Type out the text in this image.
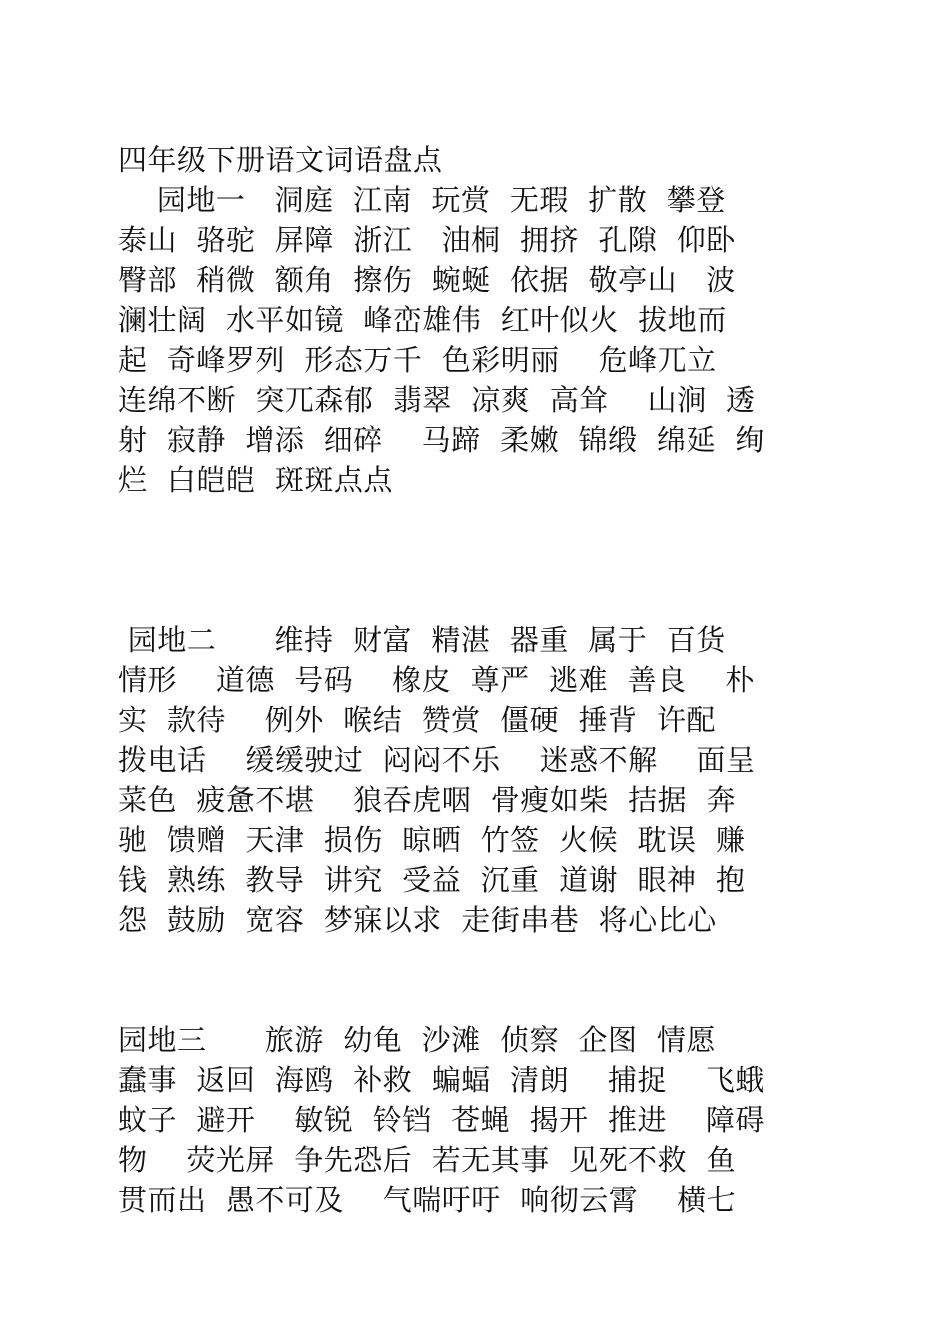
四年级下册语文词语盘点

园地一   洞庭  江南  玩赏  无瑕  扩散  攀登

泰山  骆驼  屏障  浙江   油桐  拥挤  孔隙  仰卧

臀部  稍微  额角  擦伤  蜿蜒  依据  敬亭山   波

澜壮阔  水平如镜  峰峦雄伟  红叶似火  拔地而

起  奇峰罗列  形态万千  色彩明丽    危峰兀立

连绵不断  突兀森郁  翡翠  凉爽  高耸    山涧  透

射  寂静  增添  细碎    马蹄  柔嫩  锦缎  绵延  绚

烂  白皑皑  斑斑点点

园地二      维持  财富  精湛  器重  属于  百货

情形    道德  号码    橡皮  尊严  逃难  善良    朴

实  款待    例外  喉结  赞赏  僵硬  捶背  许配

拨电话    缓缓驶过  闷闷不乐    迷惑不解    面呈

菜色  疲惫不堪    狼吞虎咽  骨瘦如柴  拮据  奔

驰  馈赠  天津  损伤  晾晒  竹签  火候  耽误  赚

钱  熟练  教导  讲究  受益  沉重  道谢  眼神  抱

怨  鼓励  宽容  梦寐以求  走街串巷  将心比心

园地三      旅游  幼龟  沙滩  侦察  企图  情愿

蠢事  返回  海鸥  补救  蝙蝠  清朗    捕捉    飞蛾

蚊子  避开    敏锐  铃铛  苍蝇  揭开  推进    障碍

物    荧光屏  争先恐后  若无其事  见死不救  鱼

贯而出  愚不可及    气喘吁吁  响彻云霄    横七
